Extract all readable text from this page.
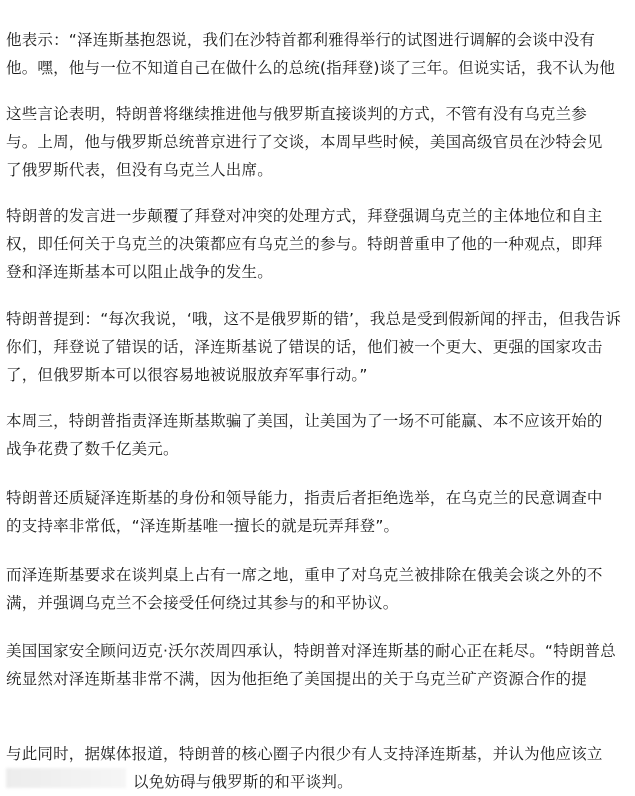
他表示：“泽连斯基抱怨说，我们在沙特首都利雅得举行的试图进行调解的会谈中没有
他。嘿，他与一位不知道自己在做什么的总统(指拜登)谈了三年。但说实话，我不认为他

这些言论表明，特朗普将继续推进他与俄罗斯直接谈判的方式，不管有没有乌克兰参
与。上周，他与俄罗斯总统普京进行了交谈，本周早些时候，美国高级官员在沙特会见
了俄罗斯代表，但没有乌克兰人出席。

特朗普的发言进一步颠覆了拜登对冲突的处理方式，拜登强调乌克兰的主体地位和自主
权，即任何关于乌克兰的决策都应有乌克兰的参与。特朗普重申了他的一种观点，即拜
登和泽连斯基本可以阻止战争的发生。

特朗普提到：“每次我说，‘哦，这不是俄罗斯的错’，我总是受到假新闻的抨击，但我告诉
你们，拜登说了错误的话，泽连斯基说了错误的话，他们被一个更大、更强的国家攻击
了，但俄罗斯本可以很容易地被说服放弃军事行动。”

本周三，特朗普指责泽连斯基欺骗了美国，让美国为了一场不可能赢、本不应该开始的
战争花费了数千亿美元。

特朗普还质疑泽连斯基的身份和领导能力，指责后者拒绝选举，在乌克兰的民意调查中
的支持率非常低，“泽连斯基唯一擅长的就是玩弄拜登”。

而泽连斯基要求在谈判桌上占有一席之地，重申了对乌克兰被排除在俄美会谈之外的不
满，并强调乌克兰不会接受任何绕过其参与的和平协议。

美国国家安全顾问迈克·沃尔茨周四承认，特朗普对泽连斯基的耐心正在耗尽。“特朗普总
统显然对泽连斯基非常不满，因为他拒绝了美国提出的关于乌克兰矿产资源合作的提

与此同时，据媒体报道，特朗普的核心圈子内很少有人支持泽连斯基，并认为他应该立
以免妨碍与俄罗斯的和平谈判。
